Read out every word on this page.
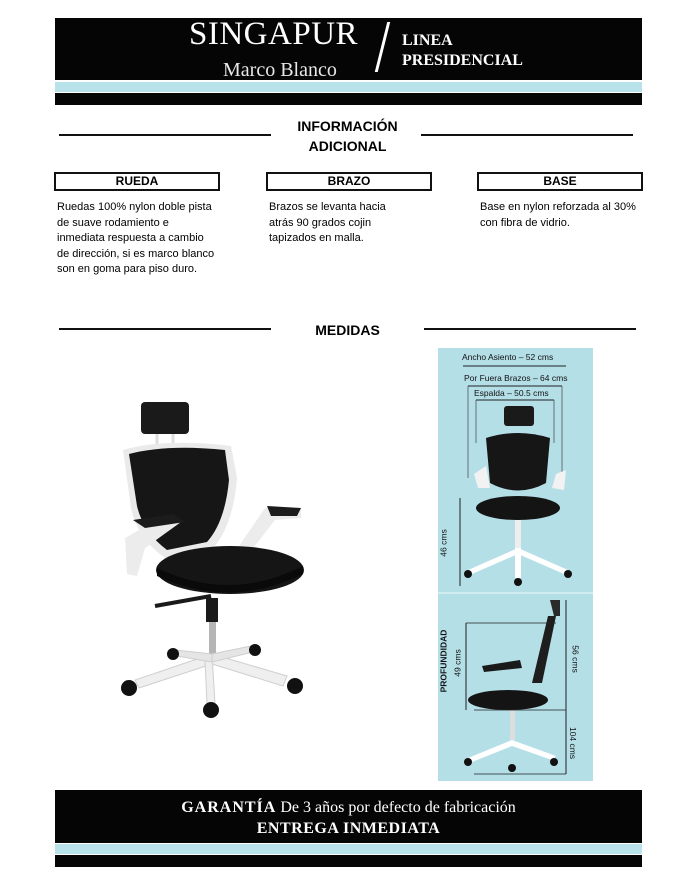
SINGAPUR
Marco Blanco
LINEA
PRESIDENCIAL
INFORMACIÓN
ADICIONAL
RUEDA	BRAZO	BASE
Ruedas 100% nylon doble pista de suave rodamiento e inmediata respuesta a cambio de dirección, si es marco blanco son en goma para piso duro.
Brazos se levanta hacia atrás 90 grados cojin tapizados en malla.
Base en nylon reforzada al 30% con fibra de vidrio.
MEDIDAS
Ancho Asiento – 52 cms
Por Fuera Brazos – 64 cms
Espalda – 50.5 cms
46 cms
PROFUNDIDAD 49 cms	56 cms
104 cms
GARANTÍA De 3 años por defecto de fabricación
ENTREGA INMEDIATA
